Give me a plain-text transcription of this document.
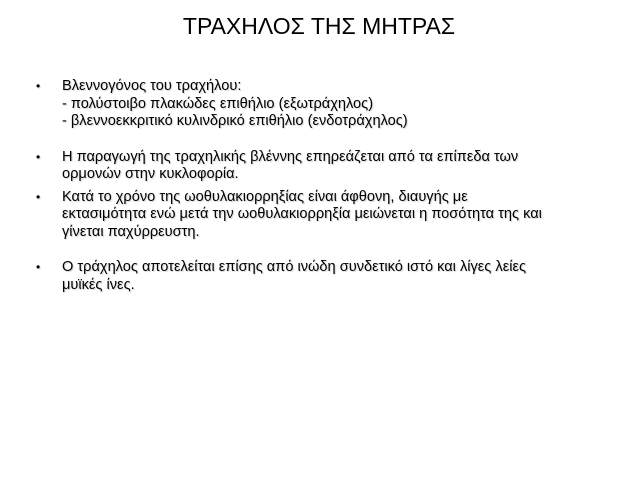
ΤΡΑΧΗΛΟΣ ΤΗΣ ΜΗΤΡΑΣ
• Βλεννογόνος του τραχήλου:
- πολύστοιβο πλακώδες επιθήλιο (εξωτράχηλος)
- βλεννοεκκριτικό κυλινδρικό επιθήλιο (ενδοτράχηλος)
• Η παραγωγή της τραχηλικής βλέννης επηρεάζεται από τα επίπεδα των
ορμονών στην κυκλοφορία.
• Κατά το χρόνο της ωοθυλακιορρηξίας είναι άφθονη, διαυγής με
εκτασιμότητα ενώ μετά την ωοθυλακιορρηξία μειώνεται η ποσότητα της και
γίνεται παχύρρευστη.
• Ο τράχηλος αποτελείται επίσης από ινώδη συνδετικό ιστό και λίγες λείες
μυϊκές ίνες.
